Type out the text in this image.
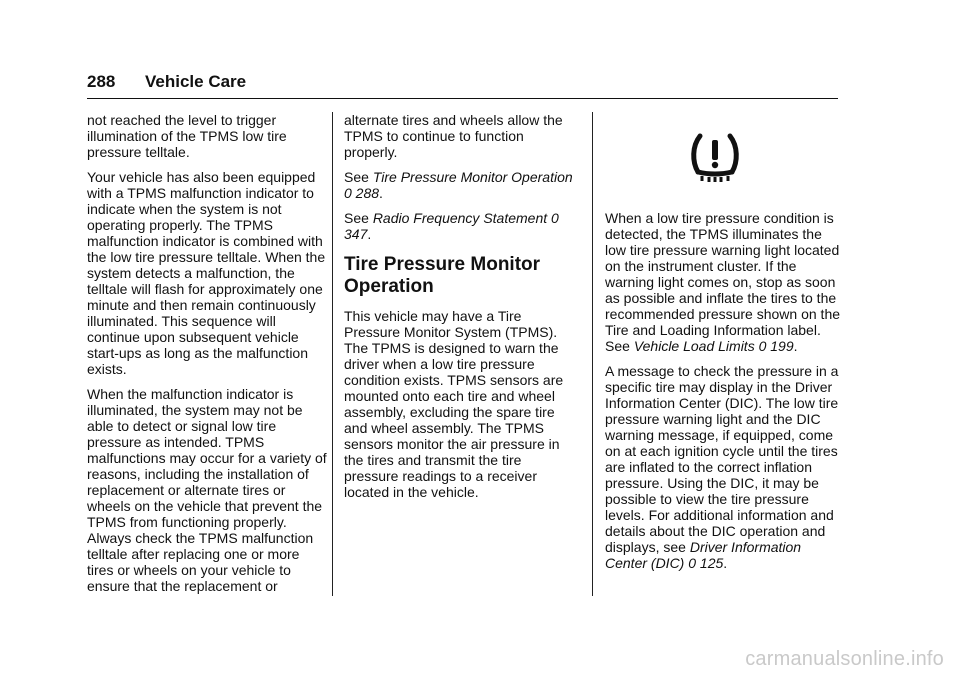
288 Vehicle Care

not reached the level to trigger illumination of the TPMS low tire pressure telltale.

Your vehicle has also been equipped with a TPMS malfunction indicator to indicate when the system is not operating properly. The TPMS malfunction indicator is combined with the low tire pressure telltale. When the system detects a malfunction, the telltale will flash for approximately one minute and then remain continuously illuminated. This sequence will continue upon subsequent vehicle start-ups as long as the malfunction exists.

When the malfunction indicator is illuminated, the system may not be able to detect or signal low tire pressure as intended. TPMS malfunctions may occur for a variety of reasons, including the installation of replacement or alternate tires or wheels on the vehicle that prevent the TPMS from functioning properly. Always check the TPMS malfunction telltale after replacing one or more tires or wheels on your vehicle to ensure that the replacement or

alternate tires and wheels allow the TPMS to continue to function properly.

See Tire Pressure Monitor Operation 0 288.

See Radio Frequency Statement 0 347.

Tire Pressure Monitor Operation

This vehicle may have a Tire Pressure Monitor System (TPMS). The TPMS is designed to warn the driver when a low tire pressure condition exists. TPMS sensors are mounted onto each tire and wheel assembly, excluding the spare tire and wheel assembly. The TPMS sensors monitor the air pressure in the tires and transmit the tire pressure readings to a receiver located in the vehicle.

When a low tire pressure condition is detected, the TPMS illuminates the low tire pressure warning light located on the instrument cluster. If the warning light comes on, stop as soon as possible and inflate the tires to the recommended pressure shown on the Tire and Loading Information label. See Vehicle Load Limits 0 199.

A message to check the pressure in a specific tire may display in the Driver Information Center (DIC). The low tire pressure warning light and the DIC warning message, if equipped, come on at each ignition cycle until the tires are inflated to the correct inflation pressure. Using the DIC, it may be possible to view the tire pressure levels. For additional information and details about the DIC operation and displays, see Driver Information Center (DIC) 0 125.

carmanualsonline.info
